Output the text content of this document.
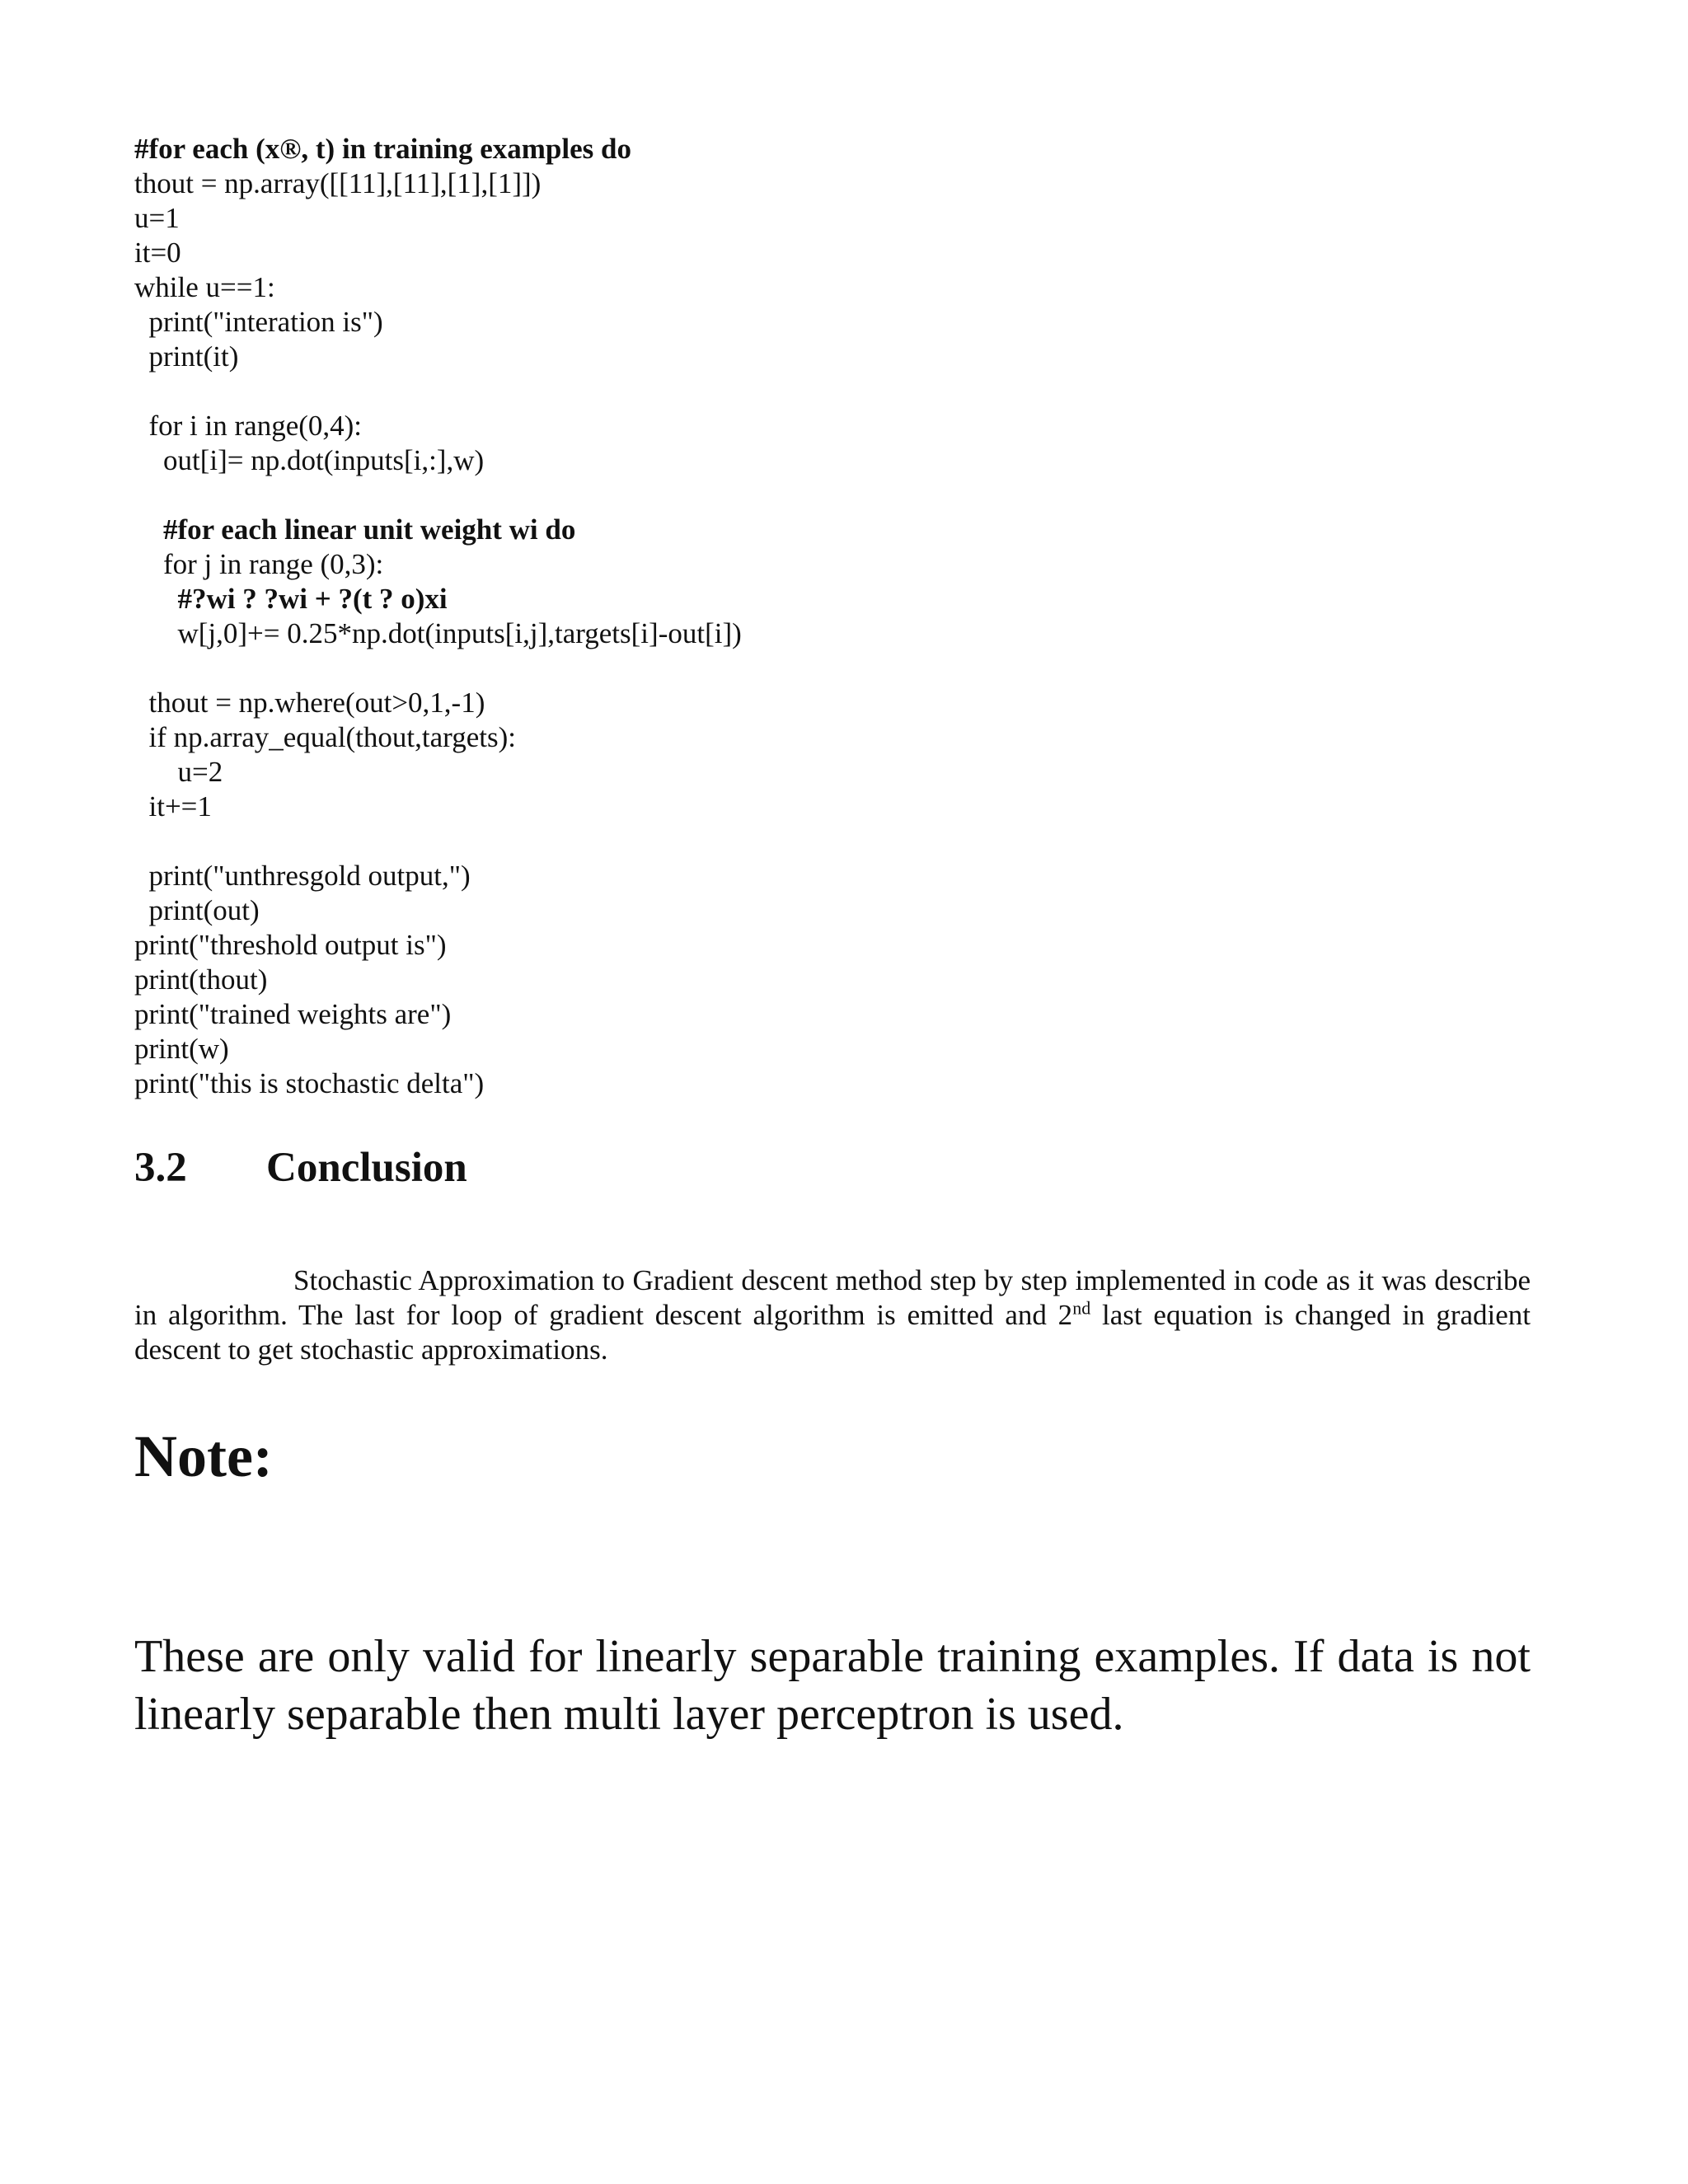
#for each (x®, t) in training examples do
thout = np.array([[11],[11],[1],[1]])
u=1
it=0
while u==1:
print("interation is")
print(it)
for i in range(0,4):
out[i]= np.dot(inputs[i,:],w)
#for each linear unit weight wi do
for j in range (0,3):
#?wi ? ?wi + ?(t ? o)xi
w[j,0]+= 0.25*np.dot(inputs[i,j],targets[i]-out[i])
thout = np.where(out>0,1,-1)
if np.array_equal(thout,targets):
u=2
it+=1
print("unthresgold output,")
print(out)
print("threshold output is")
print(thout)
print("trained weights are")
print(w)
print("this is stochastic delta")
3.2 Conclusion
Stochastic Approximation to Gradient descent method step by step implemented in code as it was describe in algorithm. The last for loop of gradient descent algorithm is emitted and 2nd last equation is changed in gradient descent to get stochastic approximations.
Note:
These are only valid for linearly separable training examples. If data is not linearly separable then multi layer perceptron is used.
